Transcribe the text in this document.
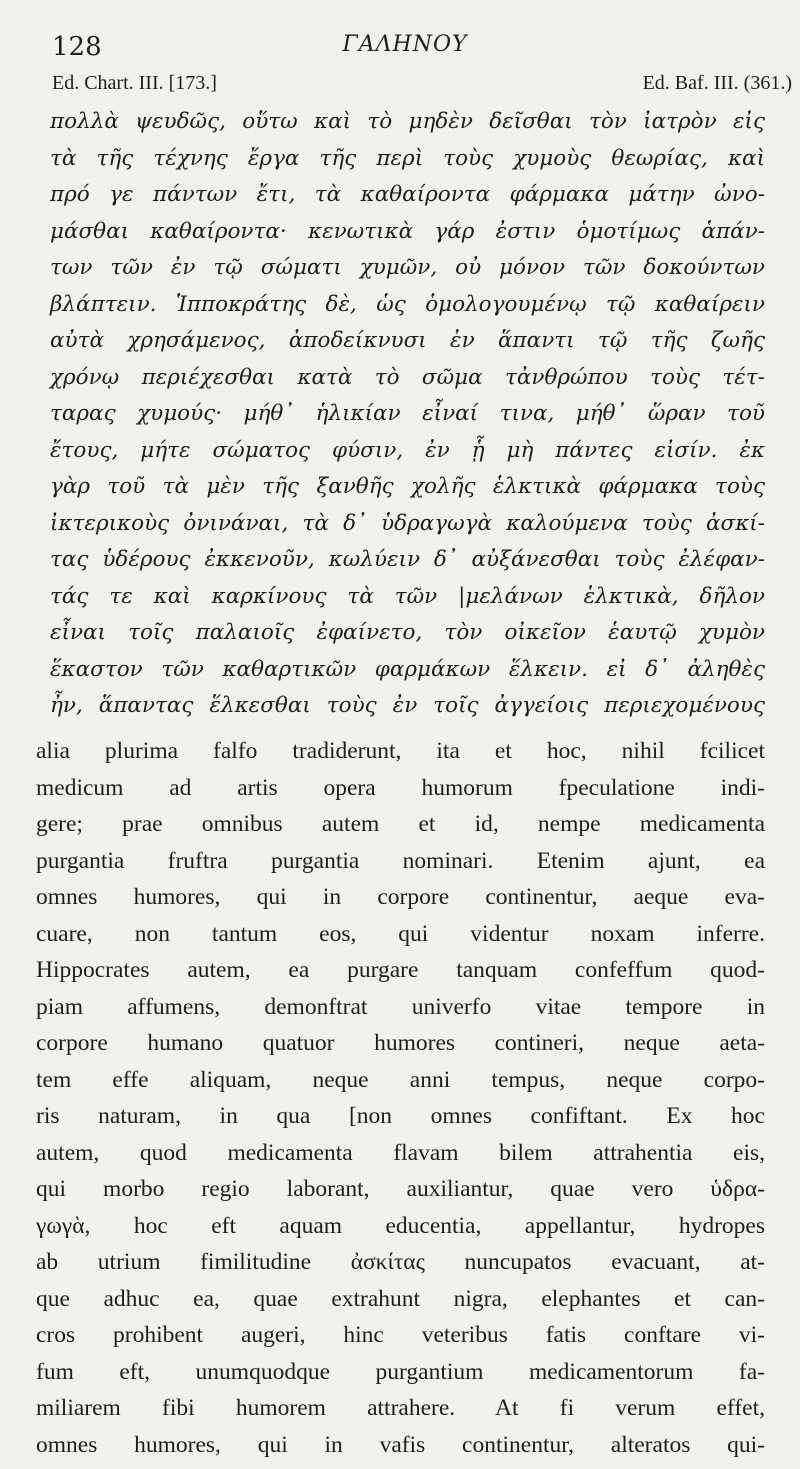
128	ΓΑΛΗΝΟΥ
Ed. Chart. III. [173.]	Ed. Baf. III. (361.)
πολλὰ ψευδῶς, οὕτω καὶ τὸ μηδὲν δεῖσθαι τὸν ἰατρὸν εἰς
τὰ τῆς τέχνης ἔργα τῆς περὶ τοὺς χυμοὺς θεωρίας, καὶ
πρό γε πάντων ἔτι, τὰ καθαίροντα φάρμακα μάτην ὠνο-
μάσθαι καθαίροντα· κενωτικὰ γάρ ἐστιν ὁμοτίμως ἁπάν-
των τῶν ἐν τῷ σώματι χυμῶν, οὐ μόνον τῶν δοκούντων
βλάπτειν. Ἱπποκράτης δὲ, ὡς ὁμολογουμένῳ τῷ καθαίρειν
αὐτὰ χρησάμενος, ἀποδείκνυσι ἐν ἅπαντι τῷ τῆς ζωῆς
χρόνῳ περιέχεσθαι κατὰ τὸ σῶμα τἀνθρώπου τοὺς τέτ-
ταρας χυμούς· μήθ᾽ ἡλικίαν εἶναί τινα, μήθ᾽ ὥραν τοῦ
ἔτους, μήτε σώματος φύσιν, ἐν ᾗ μὴ πάντες εἰσίν. ἐκ
γὰρ τοῦ τὰ μὲν τῆς ξανθῆς χολῆς ἑλκτικὰ φάρμακα τοὺς
ἰκτερικοὺς ὀνινάναι, τὰ δ᾽ ὑδραγωγὰ καλούμενα τοὺς ἀσκί-
τας ὑδέρους ἐκκενοῦν, κωλύειν δ᾽ αὐξάνεσθαι τοὺς ἐλέφαν-
τάς τε καὶ καρκίνους τὰ τῶν |μελάνων ἑλκτικὰ, δῆλον
εἶναι τοῖς παλαιοῖς ἐφαίνετο, τὸν οἰκεῖον ἑαυτῷ χυμὸν
ἕκαστον τῶν καθαρτικῶν φαρμάκων ἕλκειν. εἰ δ᾽ ἀληθὲς
ἦν, ἅπαντας ἕλκεσθαι τοὺς ἐν τοῖς ἀγγείοις περιεχομένους
alia plurima falfo tradiderunt, ita et hoc, nihil fcilicet
medicum ad artis opera humorum fpeculatione indi-
gere; prae omnibus autem et id, nempe medicamenta
purgantia fruftra purgantia nominari. Etenim ajunt, ea
omnes humores, qui in corpore continentur, aeque eva-
cuare, non tantum eos, qui videntur noxam inferre.
Hippocrates autem, ea purgare tanquam confeffum quod-
piam affumens, demonftrat univerfo vitae tempore in
corpore humano quatuor humores contineri, neque aeta-
tem effe aliquam, neque anni tempus, neque corpo-
ris naturam, in qua [non omnes confiftant. Ex hoc
autem, quod medicamenta flavam bilem attrahentia eis,
qui morbo regio laborant, auxiliantur, quae vero ὑδρα-
γωγὰ, hoc eft aquam educentia, appellantur, hydropes
ab utrium fimilitudine ἀσκίτας nuncupatos evacuant, at-
que adhuc ea, quae extrahunt nigra, elephantes et can-
cros prohibent augeri, hinc veteribus fatis conftare vi-
fum eft, unumquodque purgantium medicamentorum fa-
miliarem fibi humorem attrahere. At fi verum effet,
omnes humores, qui in vafis continentur, alteratos qui-
